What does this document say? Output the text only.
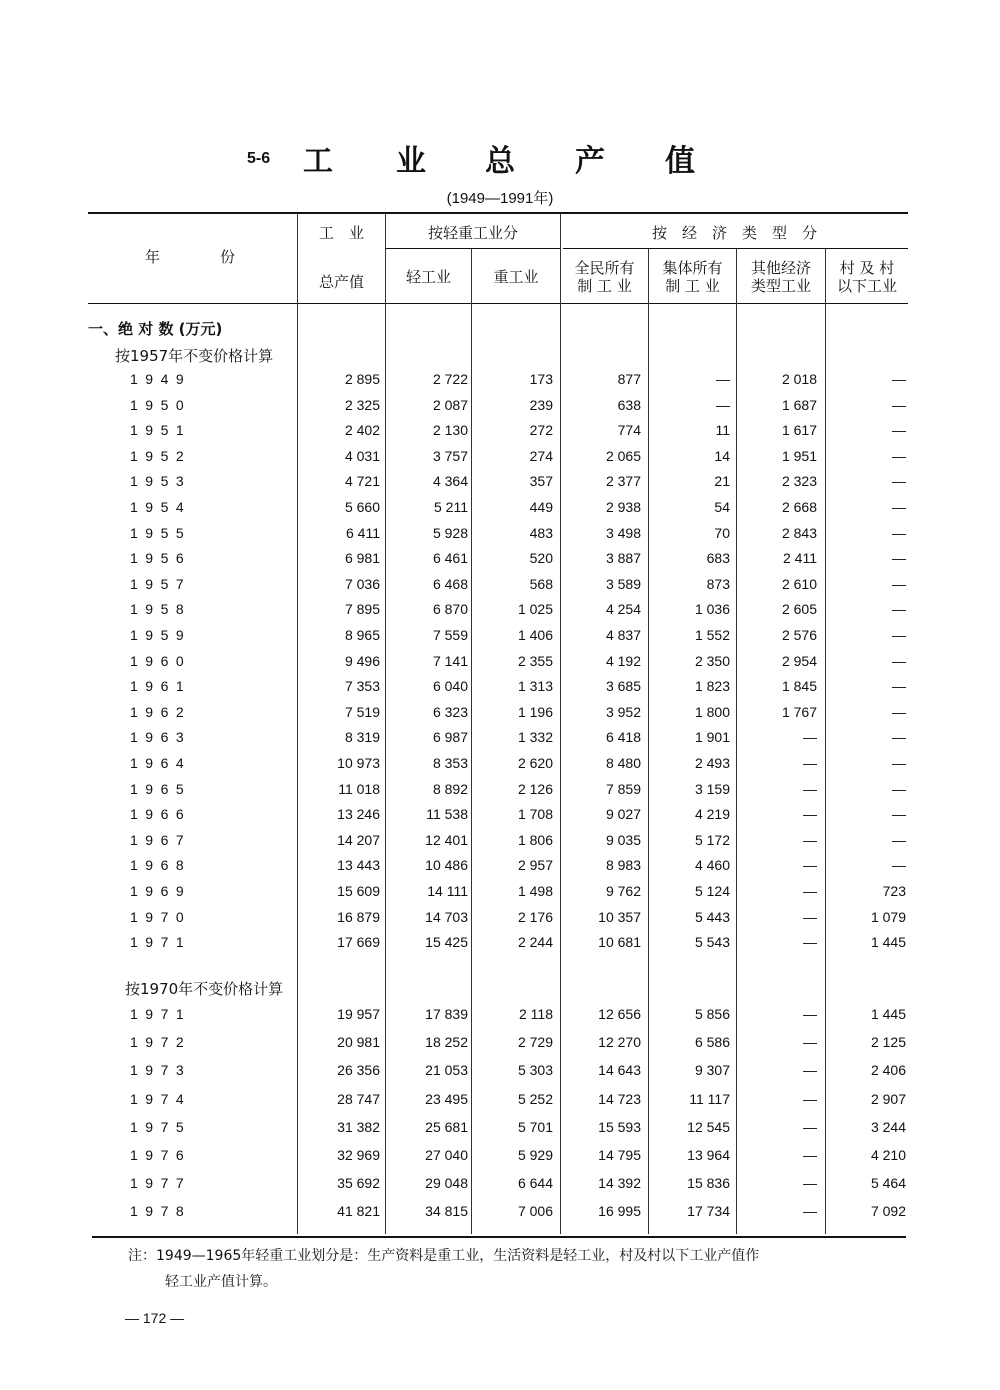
5-6 工 业 总 产 值
(1949—1991年)
年　　　　份
工　业
总产值
按轻重工业分
轻工业	重工业
按　经　济　类　型　分
全民所有
制 工 业
集体所有
制 工 业
其他经济
类型工业
村 及 村
以下工业
一、绝 对 数 (万元)
按1957年不变价格计算
按1970年不变价格计算
1949	2 895	2 722	173	877	—	2 018	—
1950	2 325	2 087	239	638	—	1 687	—
1951	2 402	2 130	272	774	11	1 617	—
1952	4 031	3 757	274	2 065	14	1 951	—
1953	4 721	4 364	357	2 377	21	2 323	—
1954	5 660	5 211	449	2 938	54	2 668	—
1955	6 411	5 928	483	3 498	70	2 843	—
1956	6 981	6 461	520	3 887	683	2 411	—
1957	7 036	6 468	568	3 589	873	2 610	—
1958	7 895	6 870	1 025	4 254	1 036	2 605	—
1959	8 965	7 559	1 406	4 837	1 552	2 576	—
1960	9 496	7 141	2 355	4 192	2 350	2 954	—
1961	7 353	6 040	1 313	3 685	1 823	1 845	—
1962	7 519	6 323	1 196	3 952	1 800	1 767	—
1963	8 319	6 987	1 332	6 418	1 901	—	—
1964	10 973	8 353	2 620	8 480	2 493	—	—
1965	11 018	8 892	2 126	7 859	3 159	—	—
1966	13 246	11 538	1 708	9 027	4 219	—	—
1967	14 207	12 401	1 806	9 035	5 172	—	—
1968	13 443	10 486	2 957	8 983	4 460	—	—
1969	15 609	14 111	1 498	9 762	5 124	—	723
1970	16 879	14 703	2 176	10 357	5 443	—	1 079
1971	17 669	15 425	2 244	10 681	5 543	—	1 445
1971	19 957	17 839	2 118	12 656	5 856	—	1 445
1972	20 981	18 252	2 729	12 270	6 586	—	2 125
1973	26 356	21 053	5 303	14 643	9 307	—	2 406
1974	28 747	23 495	5 252	14 723	11 117	—	2 907
1975	31 382	25 681	5 701	15 593	12 545	—	3 244
1976	32 969	27 040	5 929	14 795	13 964	—	4 210
1977	35 692	29 048	6 644	14 392	15 836	—	5 464
1978	41 821	34 815	7 006	16 995	17 734	—	7 092
注：1949—1965年轻重工业划分是：生产资料是重工业，生活资料是轻工业，村及村以下工业产值作
轻工业产值计算。
— 172 —
